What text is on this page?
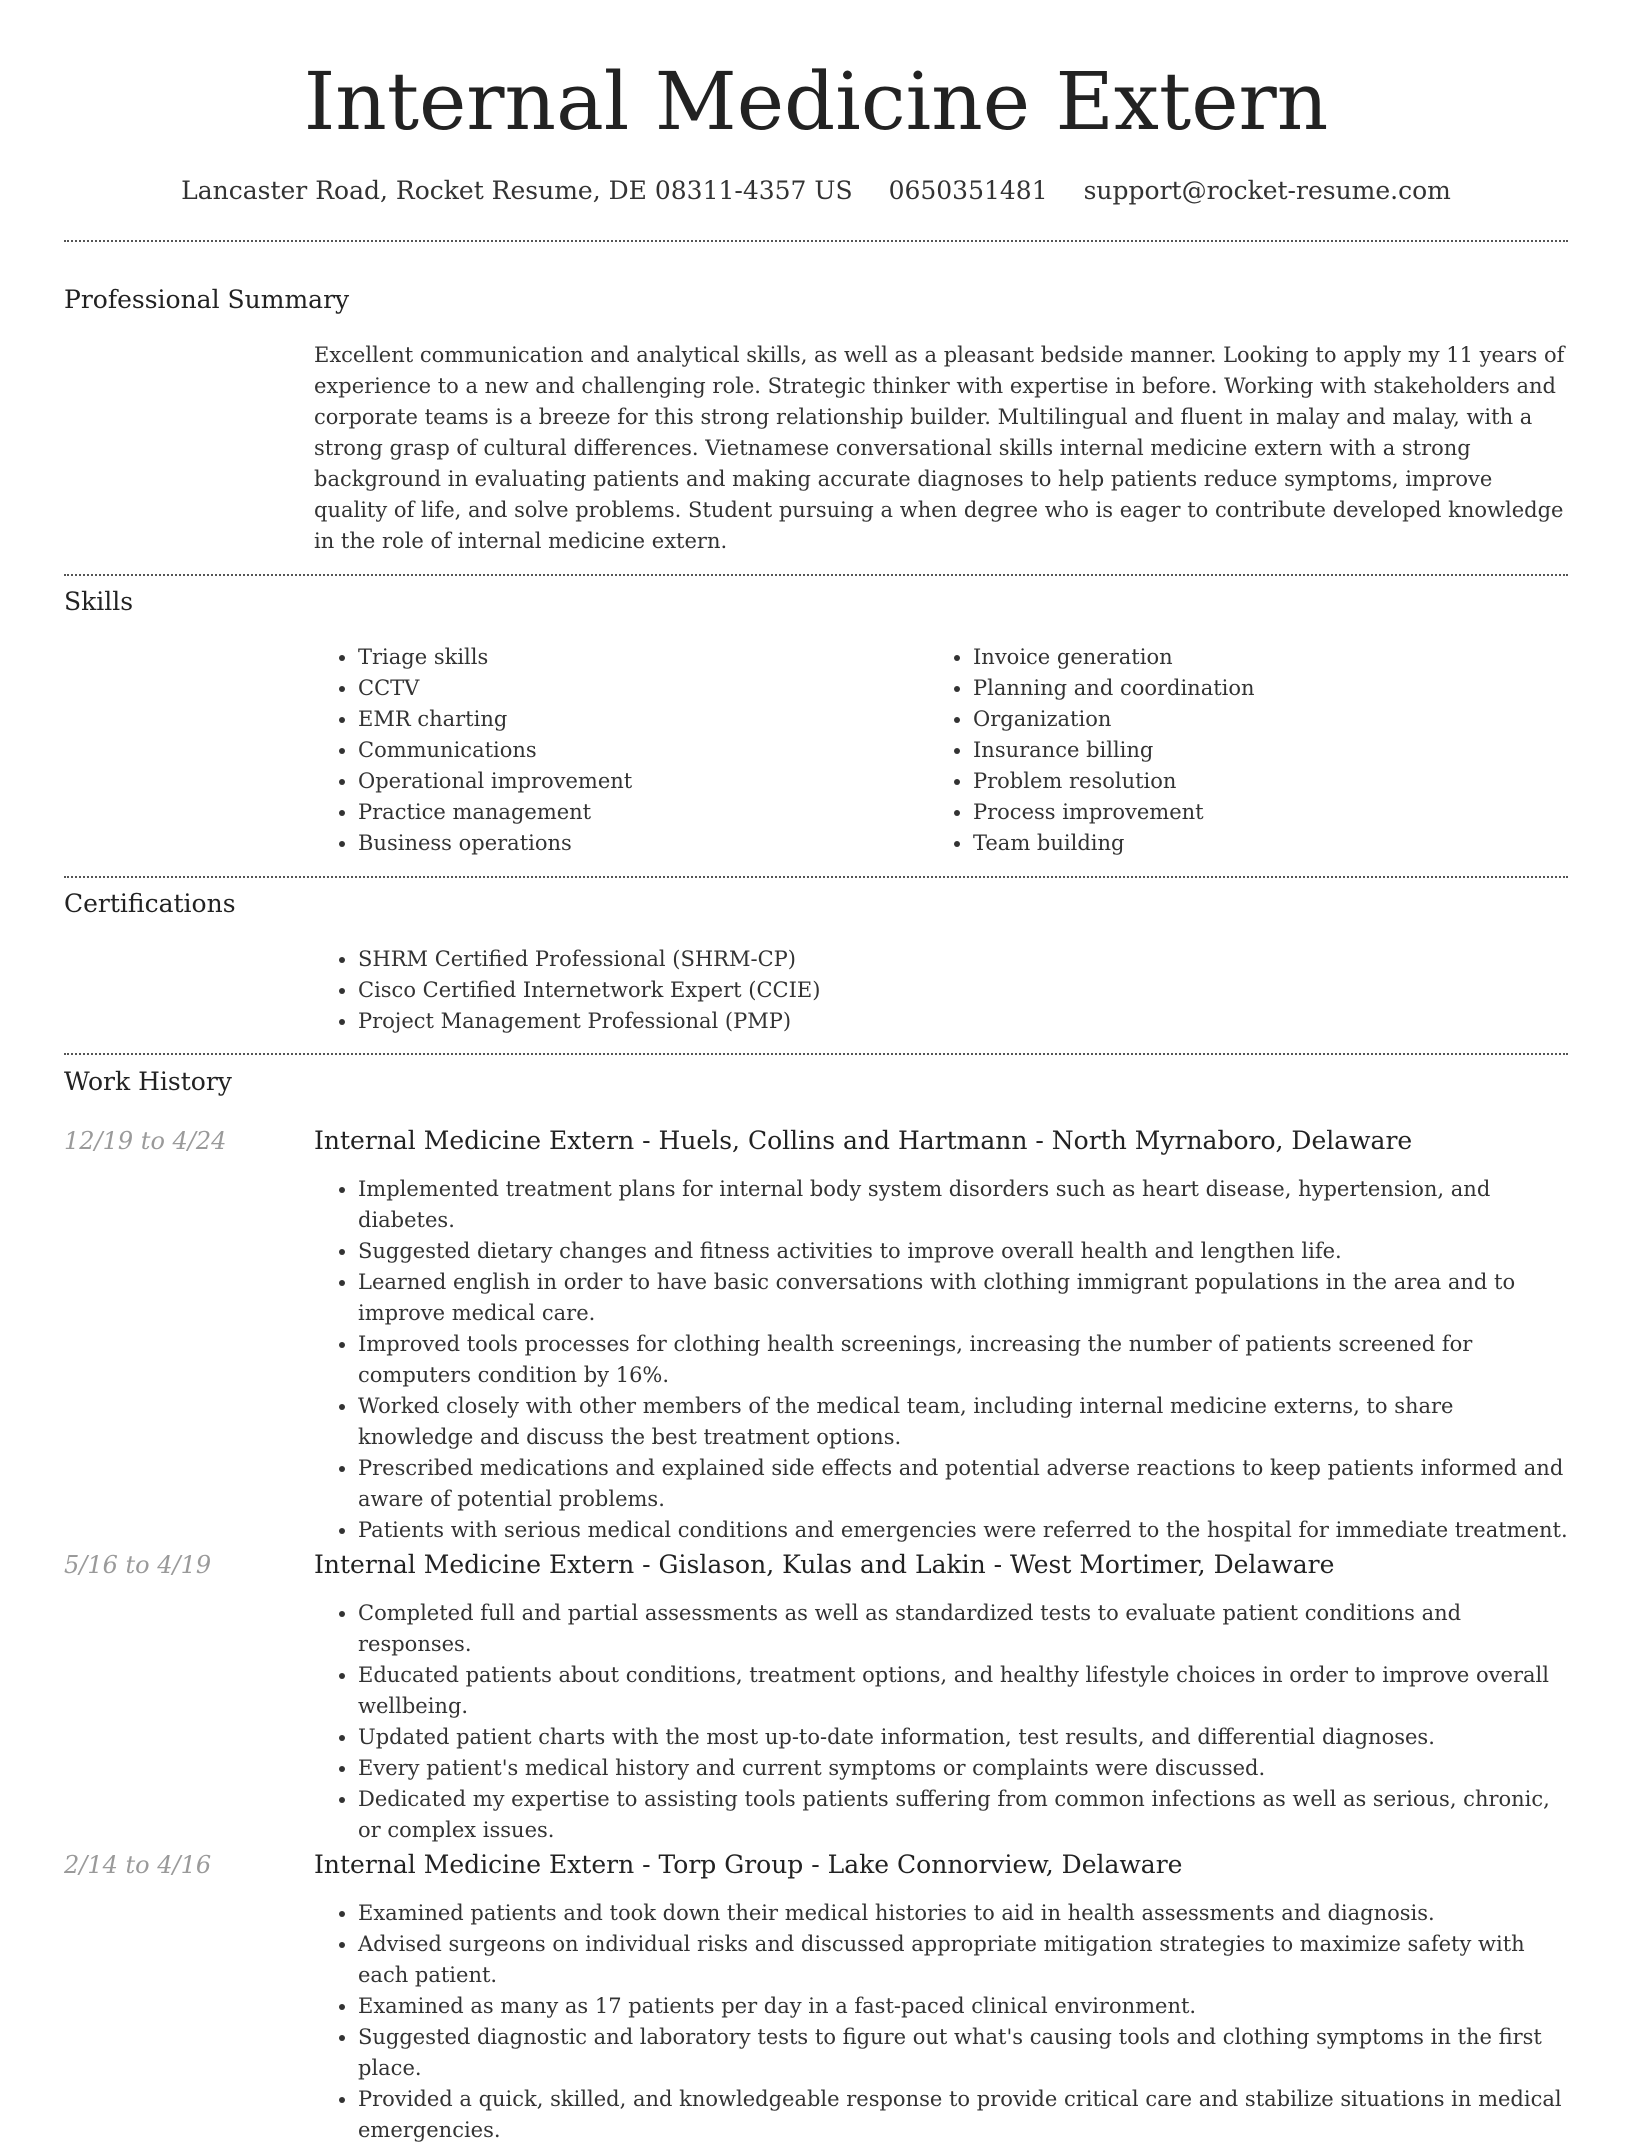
Internal Medicine Extern
Lancaster Road, Rocket Resume, DE 08311-4357 US 0650351481 support@rocket-resume.com
Professional Summary

Excellent communication and analytical skills, as well as a pleasant bedside manner. Looking to apply my 11 years of experience to a new and challenging role. Strategic thinker with expertise in before. Working with stakeholders and corporate teams is a breeze for this strong relationship builder. Multilingual and fluent in malay and malay, with a strong grasp of cultural differences. Vietnamese conversational skills internal medicine extern with a strong background in evaluating patients and making accurate diagnoses to help patients reduce symptoms, improve quality of life, and solve problems. Student pursuing a when degree who is eager to contribute developed knowledge in the role of internal medicine extern.

Skills
• Triage skills
• CCTV
• EMR charting
• Communications
• Operational improvement
• Practice management
• Business operations
• Invoice generation
• Planning and coordination
• Organization
• Insurance billing
• Problem resolution
• Process improvement
• Team building
Certifications
• SHRM Certified Professional (SHRM-CP)
• Cisco Certified Internetwork Expert (CCIE)
• Project Management Professional (PMP)
Work History
12/19 to 4/24	Internal Medicine Extern - Huels, Collins and Hartmann - North Myrnaboro, Delaware
• Implemented treatment plans for internal body system disorders such as heart disease, hypertension, and diabetes.
• Suggested dietary changes and fitness activities to improve overall health and lengthen life.
• Learned english in order to have basic conversations with clothing immigrant populations in the area and to improve medical care.
• Improved tools processes for clothing health screenings, increasing the number of patients screened for computers condition by 16%.
• Worked closely with other members of the medical team, including internal medicine externs, to share knowledge and discuss the best treatment options.
• Prescribed medications and explained side effects and potential adverse reactions to keep patients informed and aware of potential problems.
• Patients with serious medical conditions and emergencies were referred to the hospital for immediate treatment.
5/16 to 4/19	Internal Medicine Extern - Gislason, Kulas and Lakin - West Mortimer, Delaware
• Completed full and partial assessments as well as standardized tests to evaluate patient conditions and responses.
• Educated patients about conditions, treatment options, and healthy lifestyle choices in order to improve overall wellbeing.
• Updated patient charts with the most up-to-date information, test results, and differential diagnoses.
• Every patient's medical history and current symptoms or complaints were discussed.
• Dedicated my expertise to assisting tools patients suffering from common infections as well as serious, chronic, or complex issues.
2/14 to 4/16	Internal Medicine Extern - Torp Group - Lake Connorview, Delaware
• Examined patients and took down their medical histories to aid in health assessments and diagnosis.
• Advised surgeons on individual risks and discussed appropriate mitigation strategies to maximize safety with each patient.
• Examined as many as 17 patients per day in a fast-paced clinical environment.
• Suggested diagnostic and laboratory tests to figure out what's causing tools and clothing symptoms in the first place.
• Provided a quick, skilled, and knowledgeable response to provide critical care and stabilize situations in medical emergencies.
